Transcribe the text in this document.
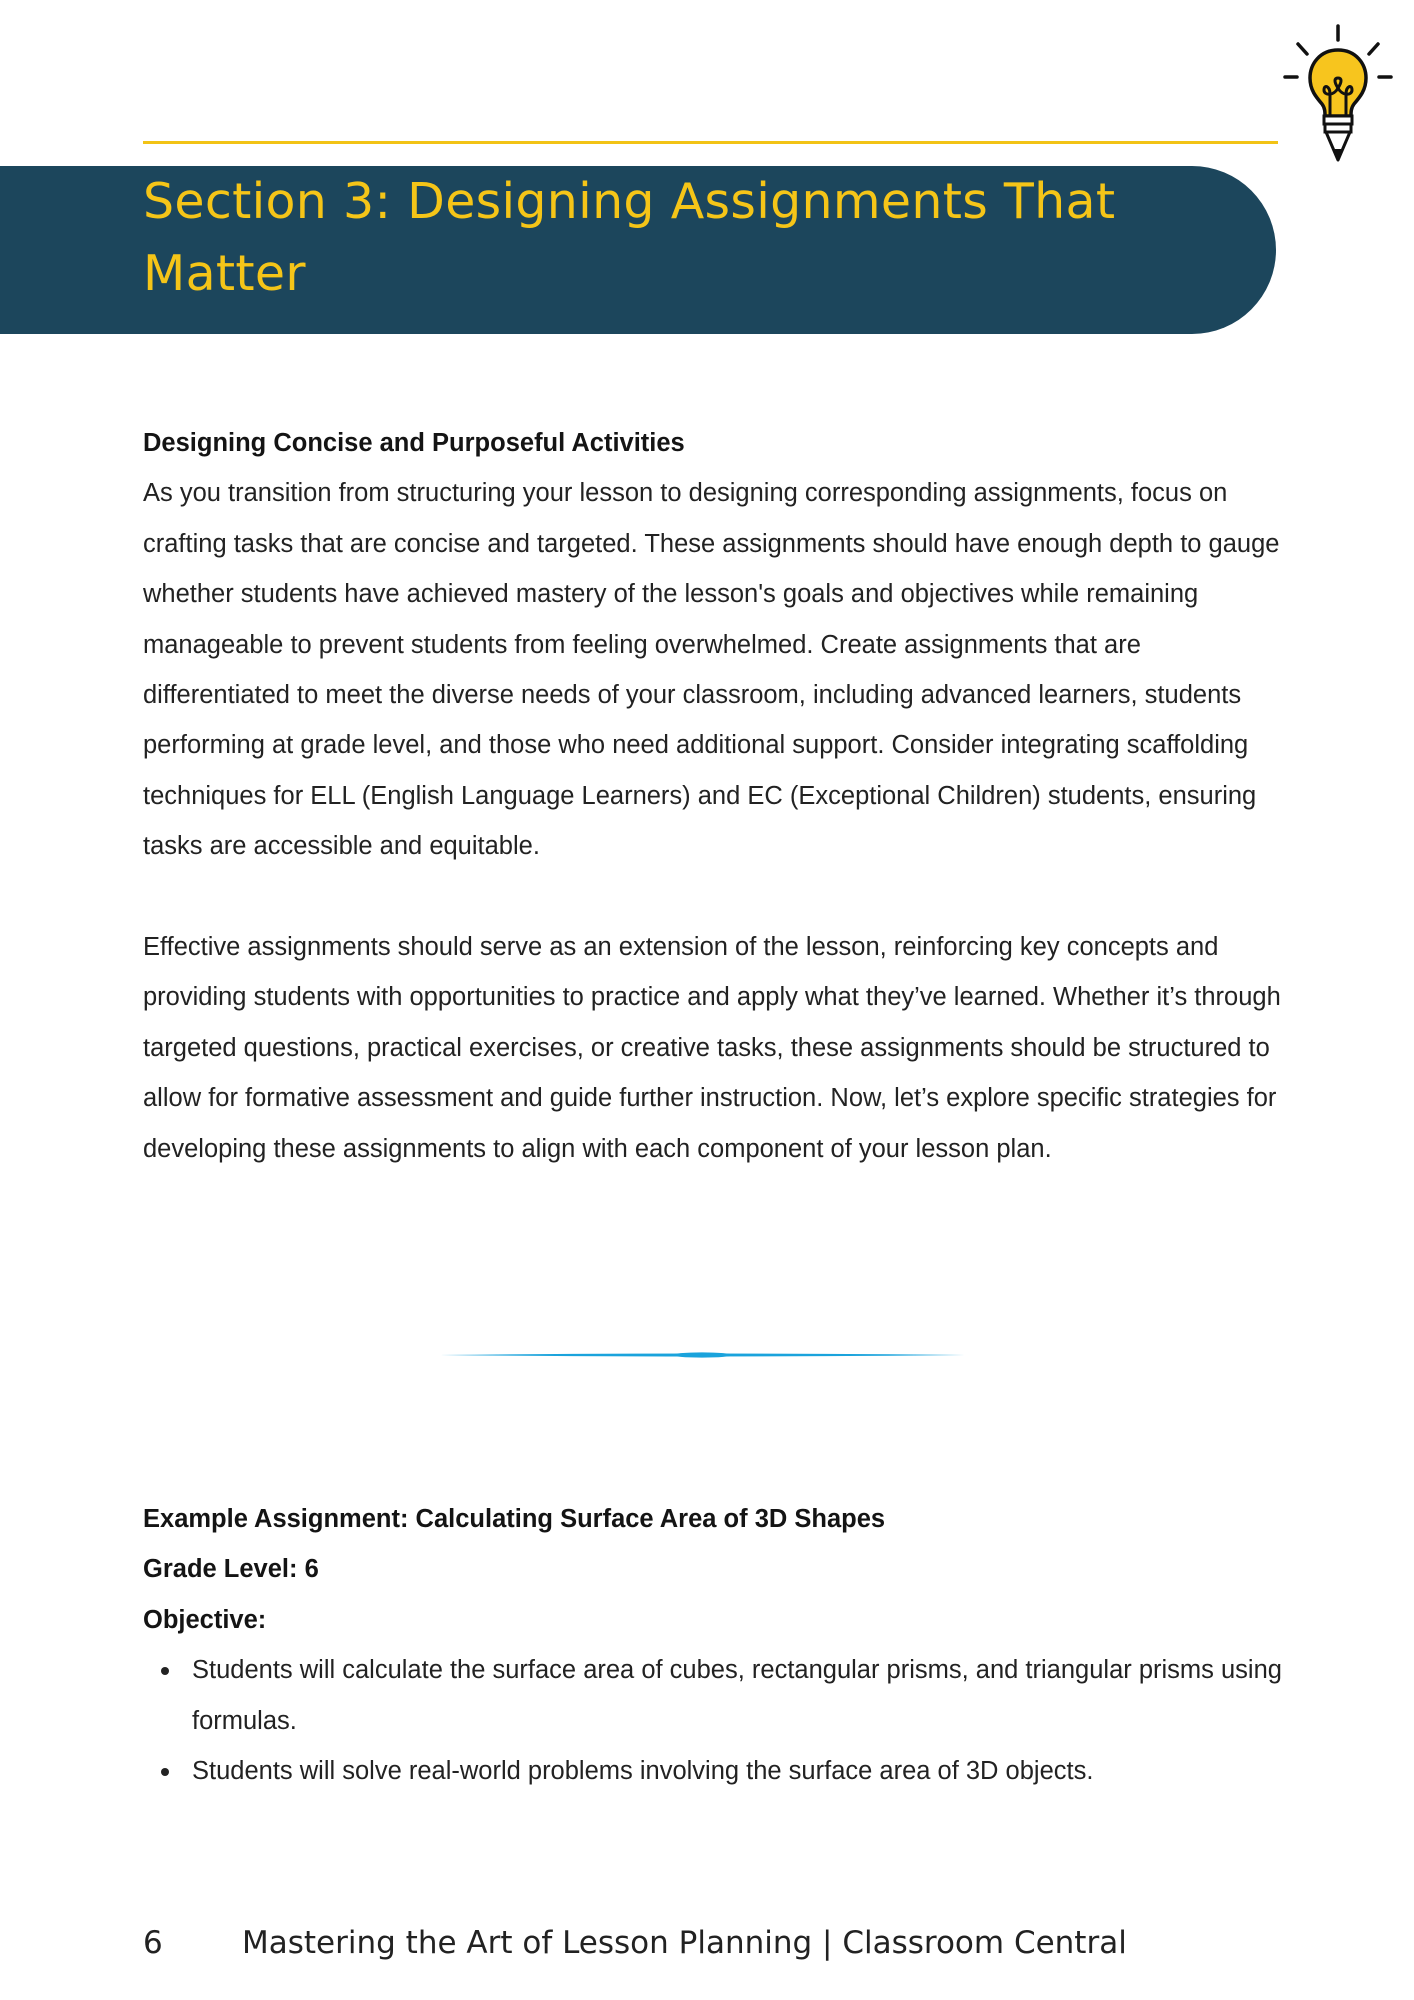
Section 3: Designing Assignments That Matter

Designing Concise and Purposeful Activities

As you transition from structuring your lesson to designing corresponding assignments, focus on crafting tasks that are concise and targeted. These assignments should have enough depth to gauge whether students have achieved mastery of the lesson's goals and objectives while remaining manageable to prevent students from feeling overwhelmed. Create assignments that are differentiated to meet the diverse needs of your classroom, including advanced learners, students performing at grade level, and those who need additional support. Consider integrating scaffolding techniques for ELL (English Language Learners) and EC (Exceptional Children) students, ensuring tasks are accessible and equitable.

Effective assignments should serve as an extension of the lesson, reinforcing key concepts and providing students with opportunities to practice and apply what they’ve learned. Whether it’s through targeted questions, practical exercises, or creative tasks, these assignments should be structured to allow for formative assessment and guide further instruction. Now, let’s explore specific strategies for developing these assignments to align with each component of your lesson plan.

Example Assignment: Calculating Surface Area of 3D Shapes

Grade Level: 6

Objective:

Students will calculate the surface area of cubes, rectangular prisms, and triangular prisms using formulas.
Students will solve real-world problems involving the surface area of 3D objects.
6	Mastering the Art of Lesson Planning | Classroom Central
